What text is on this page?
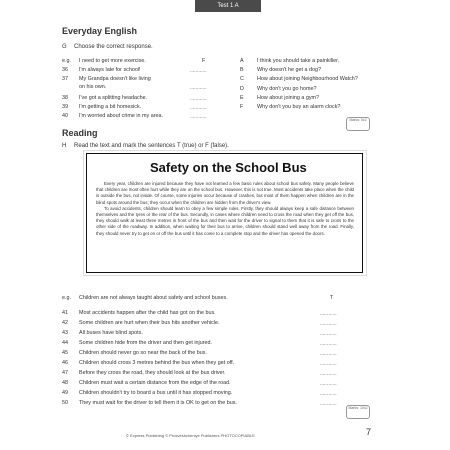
Test 1 A
Everyday English
G Choose the correct response.
e.g. I need to get more exercise.	F
36 I'm always late for school!	............
37 My Grandpa doesn't like living
on his own.	............
38 I've got a splitting headache.	............
39 I'm getting a bit homesick.	............
40 I'm worried about crime in my area.	............
A I think you should take a painkiller.
B Why doesn't he get a dog?
C How about joining Neighbourhood Watch?
D Why don't you go home?
E How about joining a gym?
F	Why don't you buy an alarm clock?
Marks: 5x2
Reading
H Read the text and mark the sentences T (true) or F (false).
Safety on the School Bus

Every year, children are injured because they have not learned a few basic rules about school bus safety. Many people believe that children are most often hurt while they are on the school bus. However, this is not true. Most accidents take place when the child is outside the bus, not inside. Of course, some injuries occur because of crashes, but most of them happen when children are in the blind spots around the bus; they occur when the children are hidden from the driver's view.

To avoid accidents, children should learn to obey a few simple rules. Firstly, they should always keep a safe distance between themselves and the tyres or the rear of the bus. Secondly, in cases where children need to cross the road when they get off the bus, they should walk at least three metres in front of the bus and then wait for the driver to signal to them that it is safe to cross to the other side of the roadway. In addition, when waiting for their bus to arrive, children should stand well away from the road. Finally, they should never try to get on or off the bus until it has come to a complete stop and the driver has opened the doors.

e.g. Children are not always taught about safety and school buses.	T
41 Most accidents happen after the child has got on the bus.	............
42 Some children are hurt when their bus hits another vehicle.	............
43 All buses have blind spots.	............
44 Some children hide from the driver and then get injured.	............
45 Children should never go so near the back of the bus.	............
46 Children should cross 3 metres behind the bus when they get off.	............
47 Before they cross the road, they should look at the bus driver.	............
48 Children must wait a certain distance from the edge of the road.	............
49 Children shouldn't try to board a bus until it has stopped moving.	............
50 They must wait for the driver to tell them it is OK to get on the bus.	............
Marks: 10x2
© Express Publishing © Prosveshcheniye Publishers PHOTOCOPIABLE	7
